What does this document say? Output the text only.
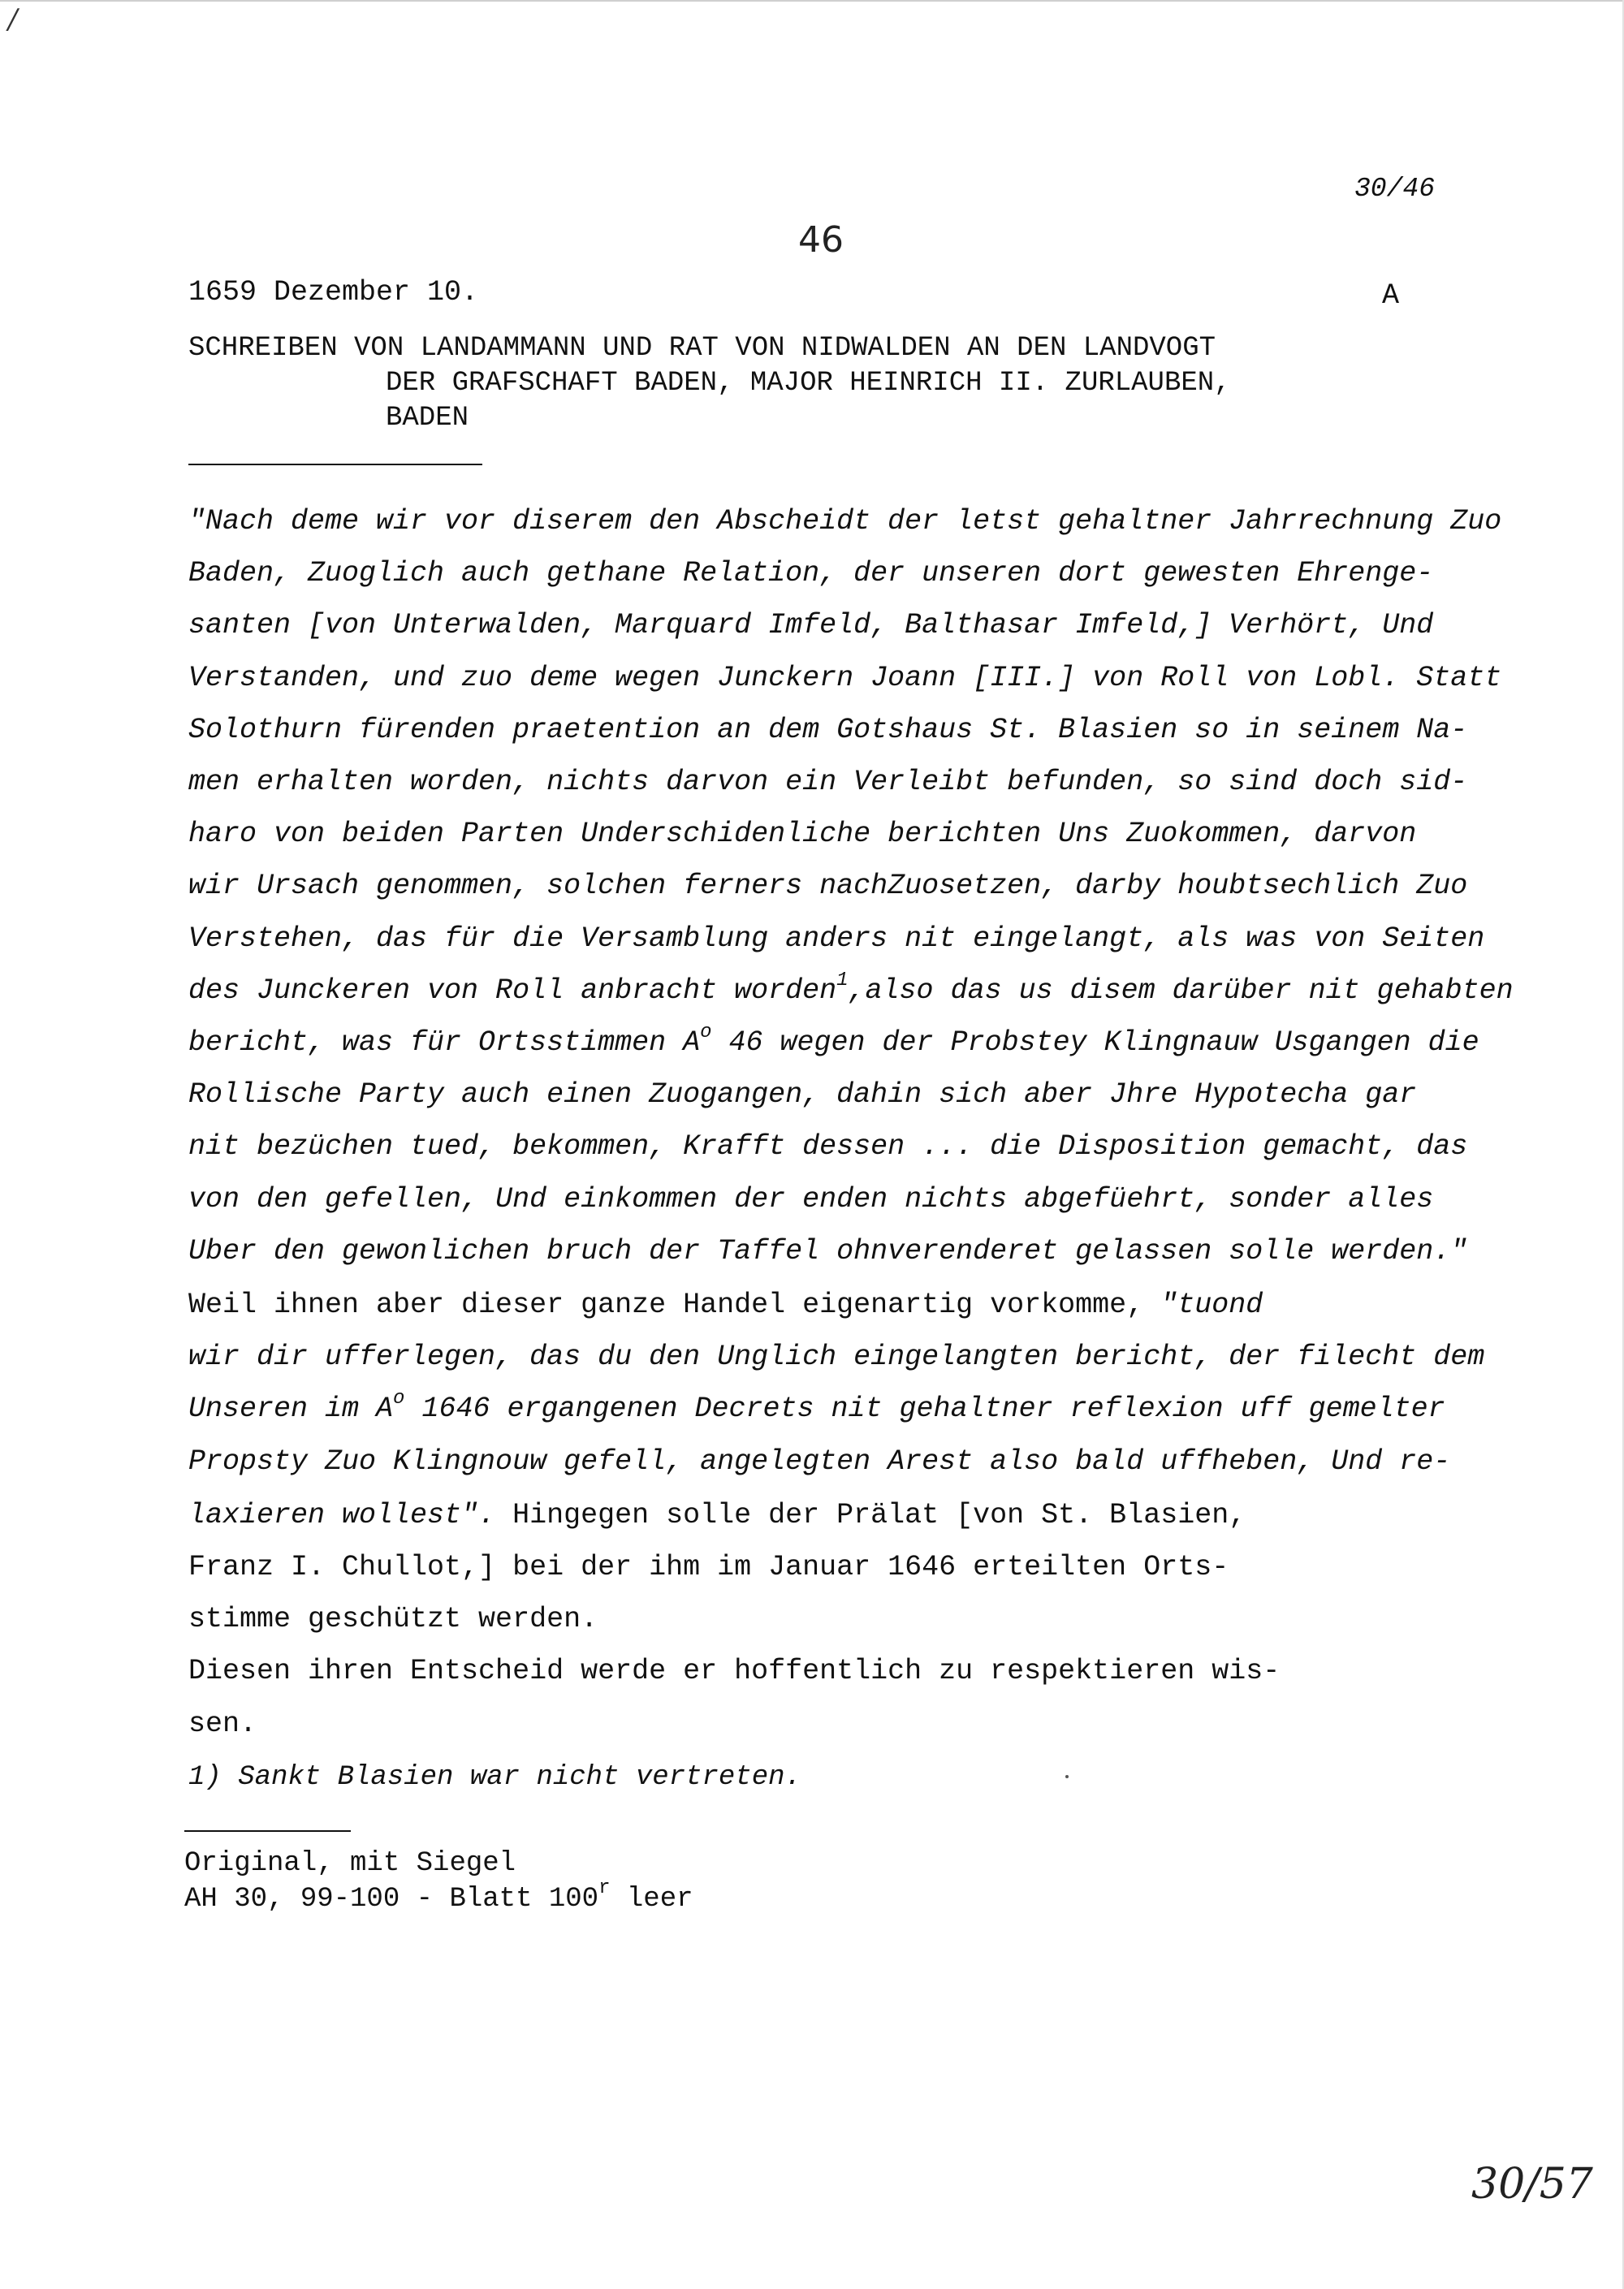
/
30/46
46
1659 Dezember 10.	A
SCHREIBEN VON LANDAMMANN UND RAT VON NIDWALDEN AN DEN LANDVOGT
DER GRAFSCHAFT BADEN, MAJOR HEINRICH II. ZURLAUBEN,
BADEN
"Nach deme wir vor diserem den Abscheidt der letst gehaltner Jahrrechnung Zuo
Baden, Zuoglich auch gethane Relation, der unseren dort gewesten Ehrenge-
santen [von Unterwalden, Marquard Imfeld, Balthasar Imfeld,] Verhört, Und
Verstanden, und zuo deme wegen Junckern Joann [III.] von Roll von Lobl. Statt
Solothurn fürenden praetention an dem Gotshaus St. Blasien so in seinem Na-
men erhalten worden, nichts darvon ein Verleibt befunden, so sind doch sid-
haro von beiden Parten Underschidenliche berichten Uns Zuokommen, darvon
wir Ursach genommen, solchen ferners nachZuosetzen, darby houbtsechlich Zuo
Verstehen, das für die Versamblung anders nit eingelangt, als was von Seiten
des Junckeren von Roll anbracht worden$^1$,also das us disem darüber nit gehabten
bericht, was für Ortsstimmen $A^o$ 46 wegen der Probstey Klingnauw Usgangen die
Rollische Party auch einen Zuogangen, dahin sich aber Jhre Hypotecha gar
nit bezüchen tued, bekommen, Krafft dessen ... die Disposition gemacht, das
von den gefellen, Und einkommen der enden nichts abgefüehrt, sonder alles
Uber den gewonlichen bruch der Taffel ohnverenderet gelassen solle werden."
Weil ihnen aber dieser ganze Handel eigenartig vorkomme, "tuond
wir dir ufferlegen, das du den Unglich eingelangten bericht, der filecht dem
Unseren im $A^o$ 1646 ergangenen Decrets nit gehaltner reflexion uff gemelter
Propsty Zuo Klingnouw gefell, angelegten Arest also bald uffheben, Und re-
laxieren wollest". Hingegen solle der Prälat [von St. Blasien,
Franz I. Chullot,] bei der ihm im Januar 1646 erteilten Orts-
stimme geschützt werden.
Diesen ihren Entscheid werde er hoffentlich zu respektieren wis-
sen.
1) Sankt Blasien war nicht vertreten.
Original, mit Siegel
AH 30, 99-100 - Blatt 100$^r$ leer
30/57
